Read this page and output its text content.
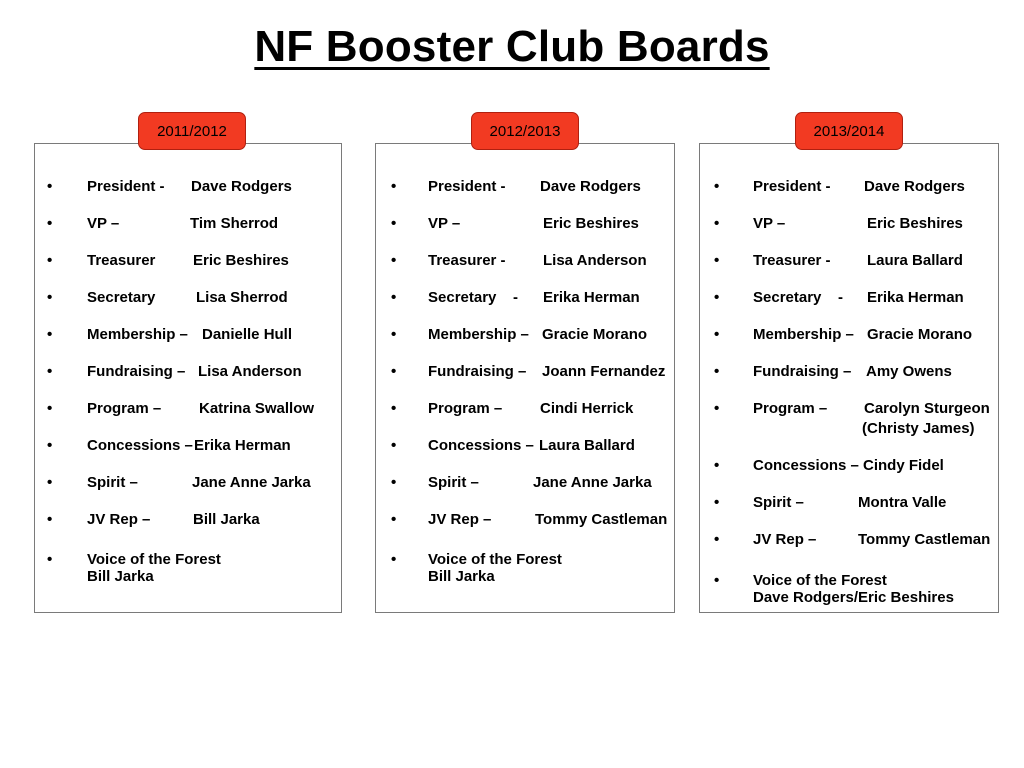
NF Booster Club Boards
2011/2012	2012/2013	2013/2014
•	President - Dave Rodgers
•	VP –	Tim Sherrod
•	Treasurer	Eric Beshires
•	Secretary	Lisa Sherrod
•	Membership – Danielle Hull
•	Fundraising – Lisa Anderson
•	Program –	Katrina Swallow
•	Concessions – Erika Herman
•	Spirit –	Jane Anne Jarka
•	JV Rep –	Bill Jarka
•	Voice of the Forest
Bill Jarka
•	President - Dave Rodgers
•	VP –	Eric Beshires
•	Treasurer - Lisa Anderson
•	Secretary    - Erika Herman
•	Membership – Gracie Morano
•	Fundraising – Joann Fernandez
•	Program –	Cindi Herrick
•	Concessions – Laura Ballard
•	Spirit –	Jane Anne Jarka
•	JV Rep –	Tommy Castleman
•	Voice of the Forest
Bill Jarka
•	President - Dave Rodgers
•	VP –	Eric Beshires
•	Treasurer - Laura Ballard
•	Secretary    - Erika Herman
•	Membership – Gracie Morano
•	Fundraising – Amy Owens
•	Program – Carolyn Sturgeon
(Christy James)
•	Concessions – Cindy Fidel
•	Spirit –	Montra Valle
•	JV Rep –	Tommy Castleman
•	Voice of the Forest
Dave Rodgers/Eric Beshires
